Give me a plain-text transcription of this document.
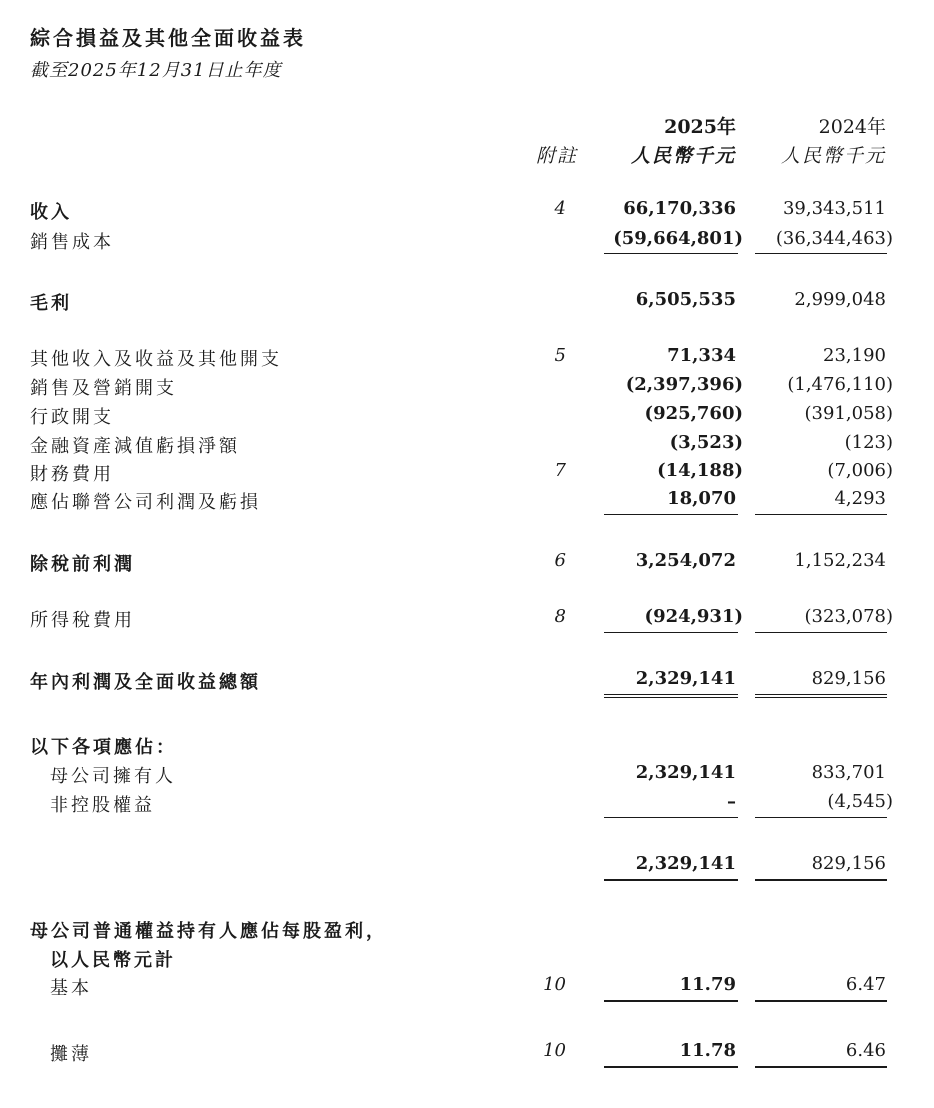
綜合損益及其他全面收益表
截至2025年12月31日止年度
2025年	2024年
附註	人民幣千元 人民幣千元
收入	4	66,170,336	39,343,511
銷售成本	(59,664,801) (36,344,463)
毛利	6,505,535	2,999,048
其他收入及收益及其他開支	5	71,334	23,190
銷售及營銷開支	(2,397,396) (1,476,110)
行政開支	(925,760)	(391,058)
金融資產減值虧損淨額	(3,523)	(123)
財務費用	7	(14,188)	(7,006)
應佔聯營公司利潤及虧損	18,070	4,293
除稅前利潤	6	3,254,072	1,152,234
所得稅費用	8	(924,931)	(323,078)
年內利潤及全面收益總額	2,329,141	829,156
以下各項應佔：
母公司擁有人	2,329,141	833,701
非控股權益	–	(4,545)
2,329,141	829,156
母公司普通權益持有人應佔每股盈利，
以人民幣元計
基本	10	11.79	6.47
攤薄	10	11.78	6.46
